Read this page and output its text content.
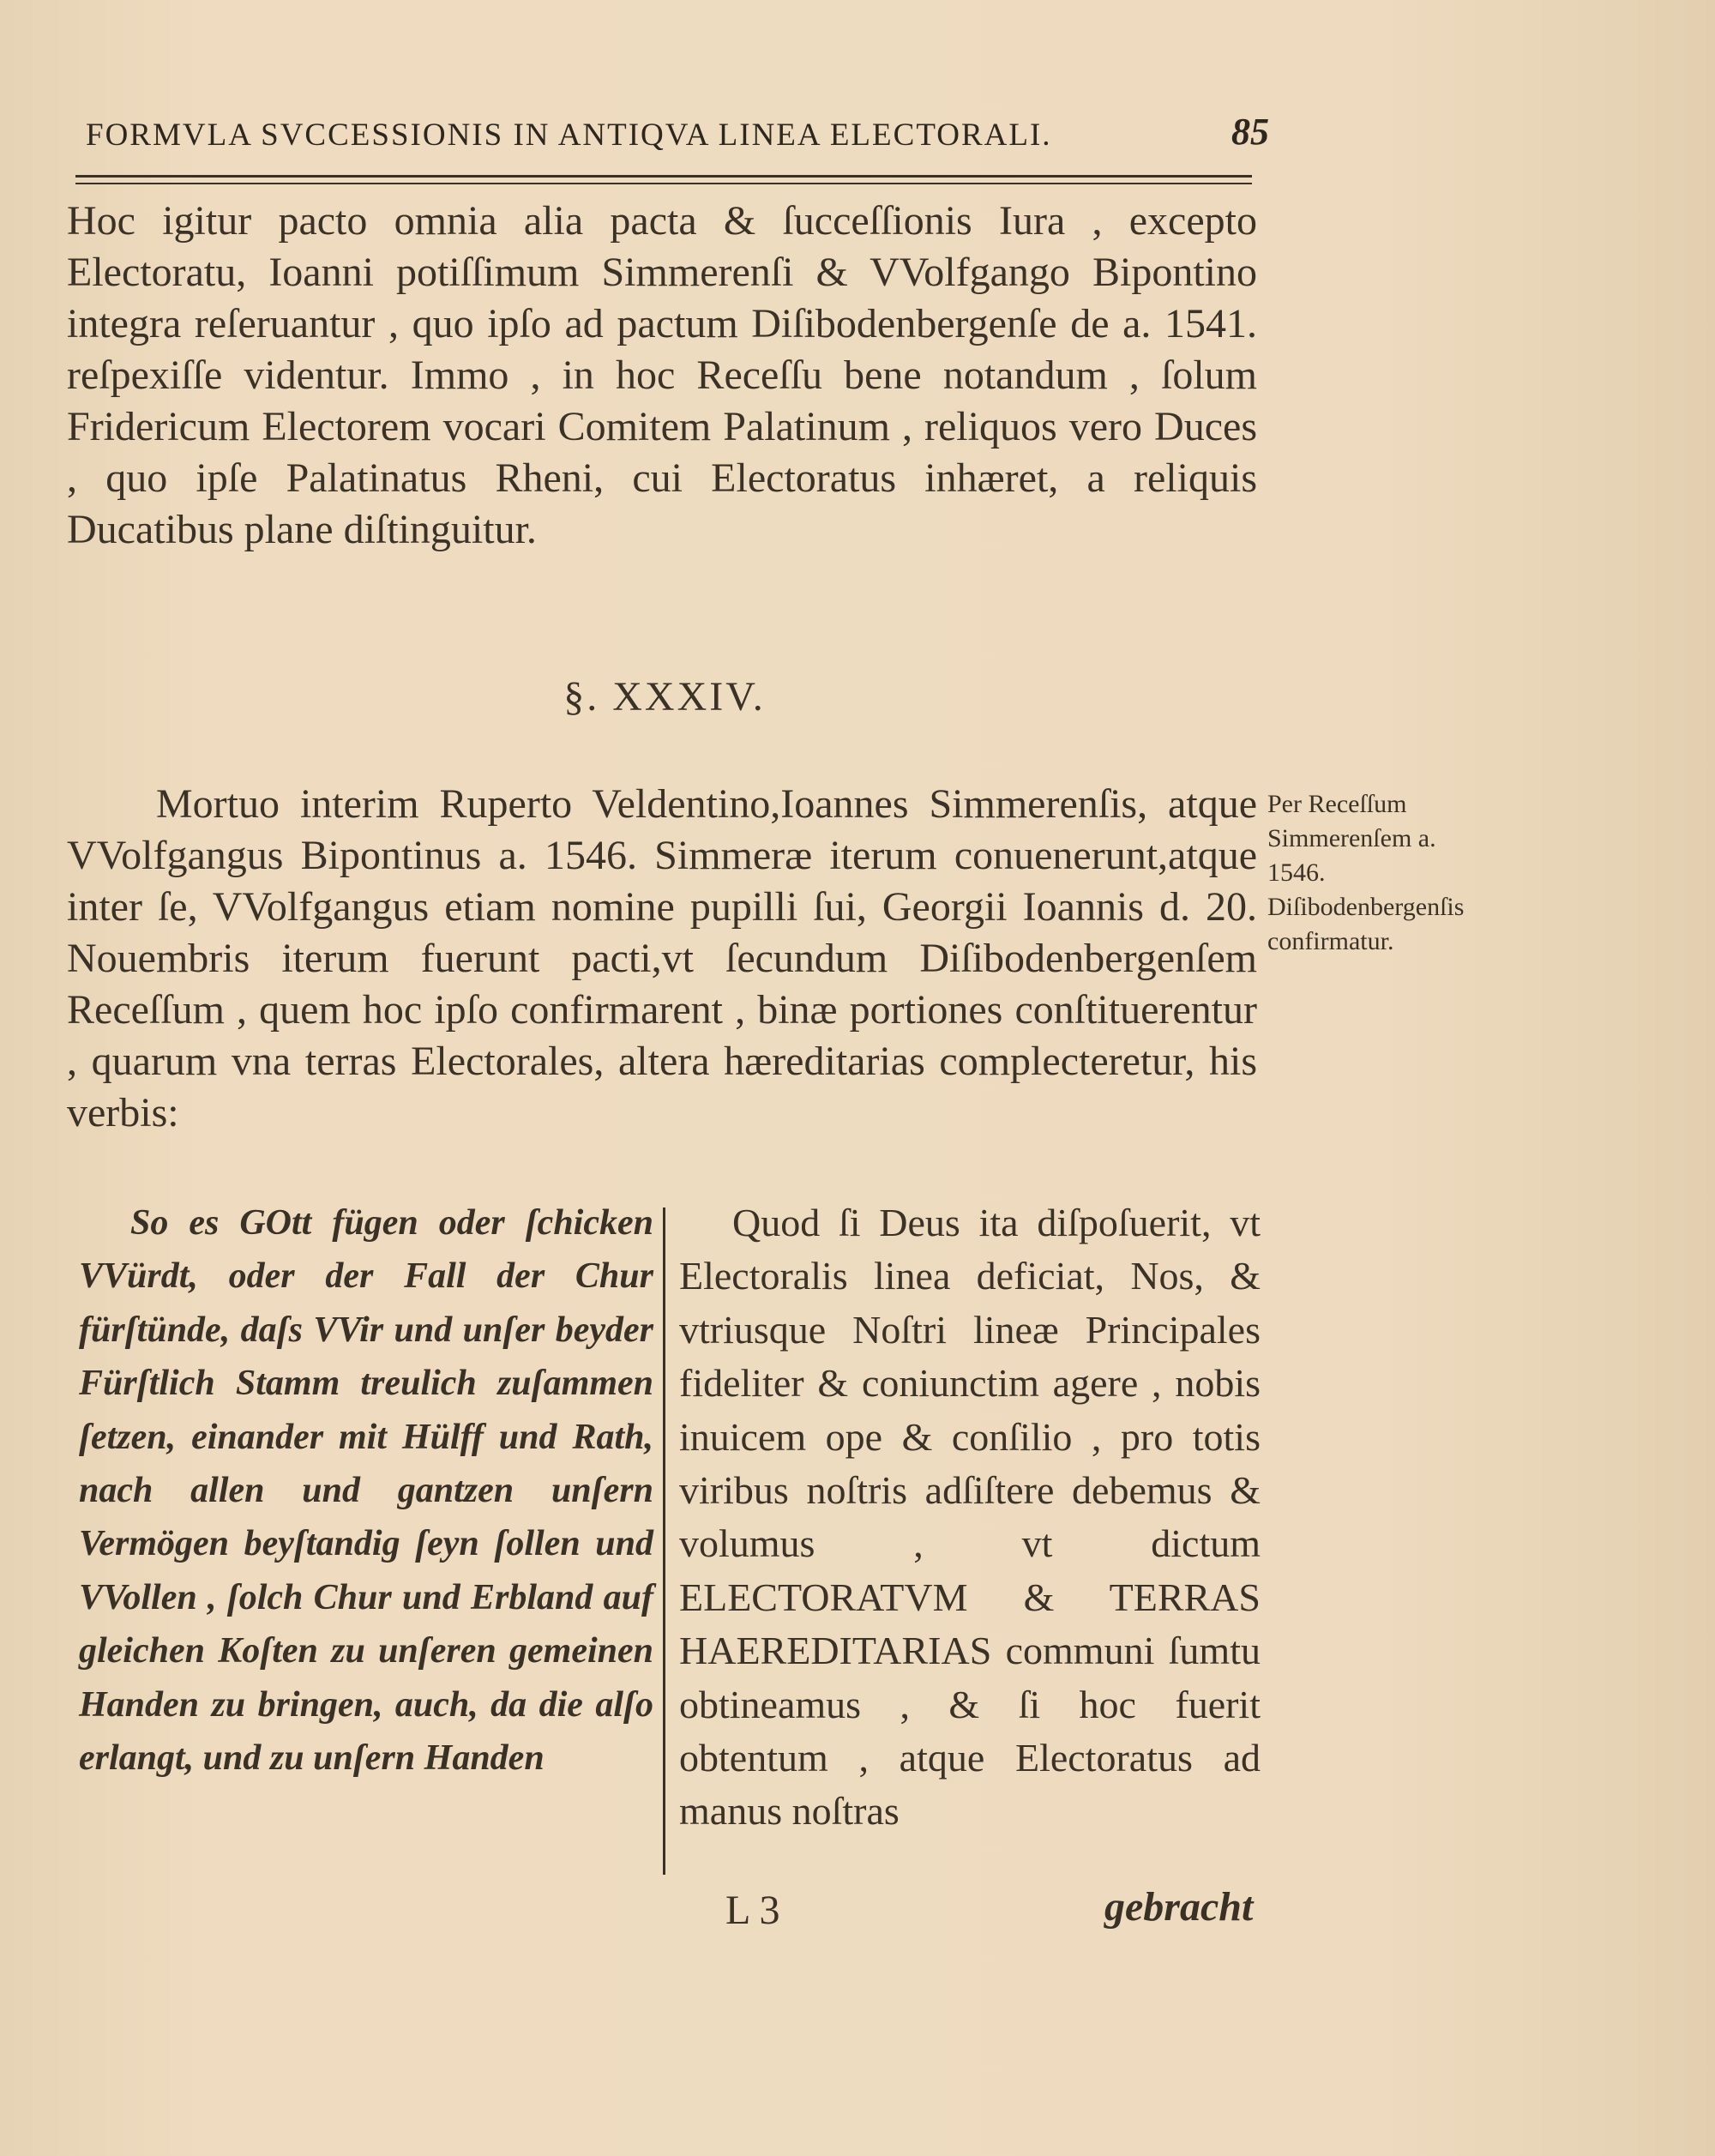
FORMVLA SVCCESSIONIS IN ANTIQVA LINEA ELECTORALI.	85

Hoc igitur pacto omnia alia pacta & ſucceſſionis Iura , excepto Electoratu, Ioanni potiſſimum Simmerenſi & VVolfgango Bipontino integra reſeruantur , quo ipſo ad pactum Diſibodenbergenſe de a. 1541. reſpexiſſe videntur. Immo , in hoc Receſſu bene notandum , ſolum Fridericum Electorem vocari Comitem Palatinum , reliquos vero Duces , quo ipſe Palatinatus Rheni, cui Electoratus inhæret, a reliquis Ducatibus plane diſtinguitur.

§. XXXIV.

Mortuo interim Ruperto Veldentino,Ioannes Simmerenſis, atque VVolfgangus Bipontinus a. 1546. Simmeræ iterum conuenerunt,atque inter ſe, VVolfgangus etiam nomine pupilli ſui, Georgii Ioannis d. 20. Nouembris iterum fuerunt pacti,vt ſecundum Diſibodenbergenſem Receſſum , quem hoc ipſo confirmarent , binæ portiones conſtituerentur , quarum vna terras Electorales, altera hæreditarias complecteretur, his verbis:

Per Receſſum Simmerenſem a. 1546. Diſibodenbergenſis confirmatur.

So es GOtt fügen oder ſchicken VVürdt, oder der Fall der Chur fürſtünde, daſs VVir und unſer beyder Fürſtlich Stamm treulich zuſammen ſetzen, einander mit Hülff und Rath, nach allen und gantzen unſern Vermögen beyſtandig ſeyn ſollen und VVollen , ſolch Chur und Erbland auf gleichen Koſten zu unſeren gemeinen Handen zu bringen, auch, da die alſo erlangt, und zu unſern Handen

Quod ſi Deus ita diſpoſuerit, vt Electoralis linea deficiat, Nos, & vtriusque Noſtri lineæ Principales fideliter & coniunctim agere , nobis inuicem ope & conſilio , pro totis viribus noſtris adſiſtere debemus & volumus , vt dictum ELECTORATVM & TERRAS HAEREDITARIAS communi ſumtu obtineamus , & ſi hoc fuerit obtentum , atque Electoratus ad manus noſtras

L 3	gebracht
